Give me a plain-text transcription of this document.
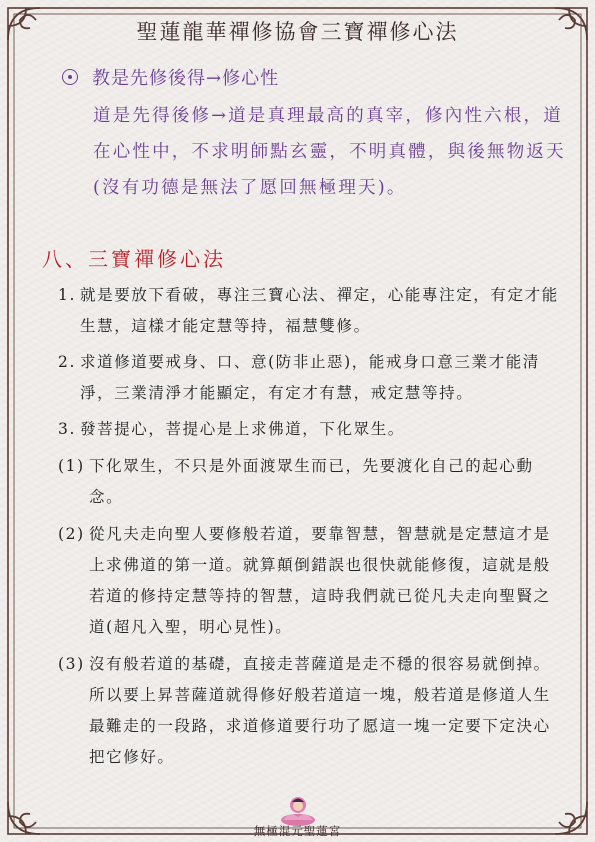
聖蓮龍華禪修協會三寶禪修心法
教是先修後得→修心性
道是先得後修→道是真理最高的真宰，修內性六根，道在心性中，不求明師點玄靈，不明真體，與後無物返天(沒有功德是無法了愿回無極理天)。
八、三寶禪修心法
1. 就是要放下看破，專注三寶心法、禪定，心能專注定，有定才能生慧，這樣才能定慧等持，福慧雙修。
2. 求道修道要戒身、口、意(防非止惡)，能戒身口意三業才能清淨，三業清淨才能顯定，有定才有慧，戒定慧等持。
3. 發菩提心，菩提心是上求佛道，下化眾生。
(1) 下化眾生，不只是外面渡眾生而已，先要渡化自己的起心動念。
(2) 從凡夫走向聖人要修般若道，要靠智慧，智慧就是定慧這才是上求佛道的第一道。就算顛倒錯誤也很快就能修復，這就是般若道的修持定慧等持的智慧，這時我們就已從凡夫走向聖賢之道(超凡入聖，明心見性)。
(3) 沒有般若道的基礎，直接走菩薩道是走不穩的很容易就倒掉。所以要上昇菩薩道就得修好般若道這一塊，般若道是修道人生最難走的一段路，求道修道要行功了愿這一塊一定要下定決心把它修好。
無極混元聖蓮宮
